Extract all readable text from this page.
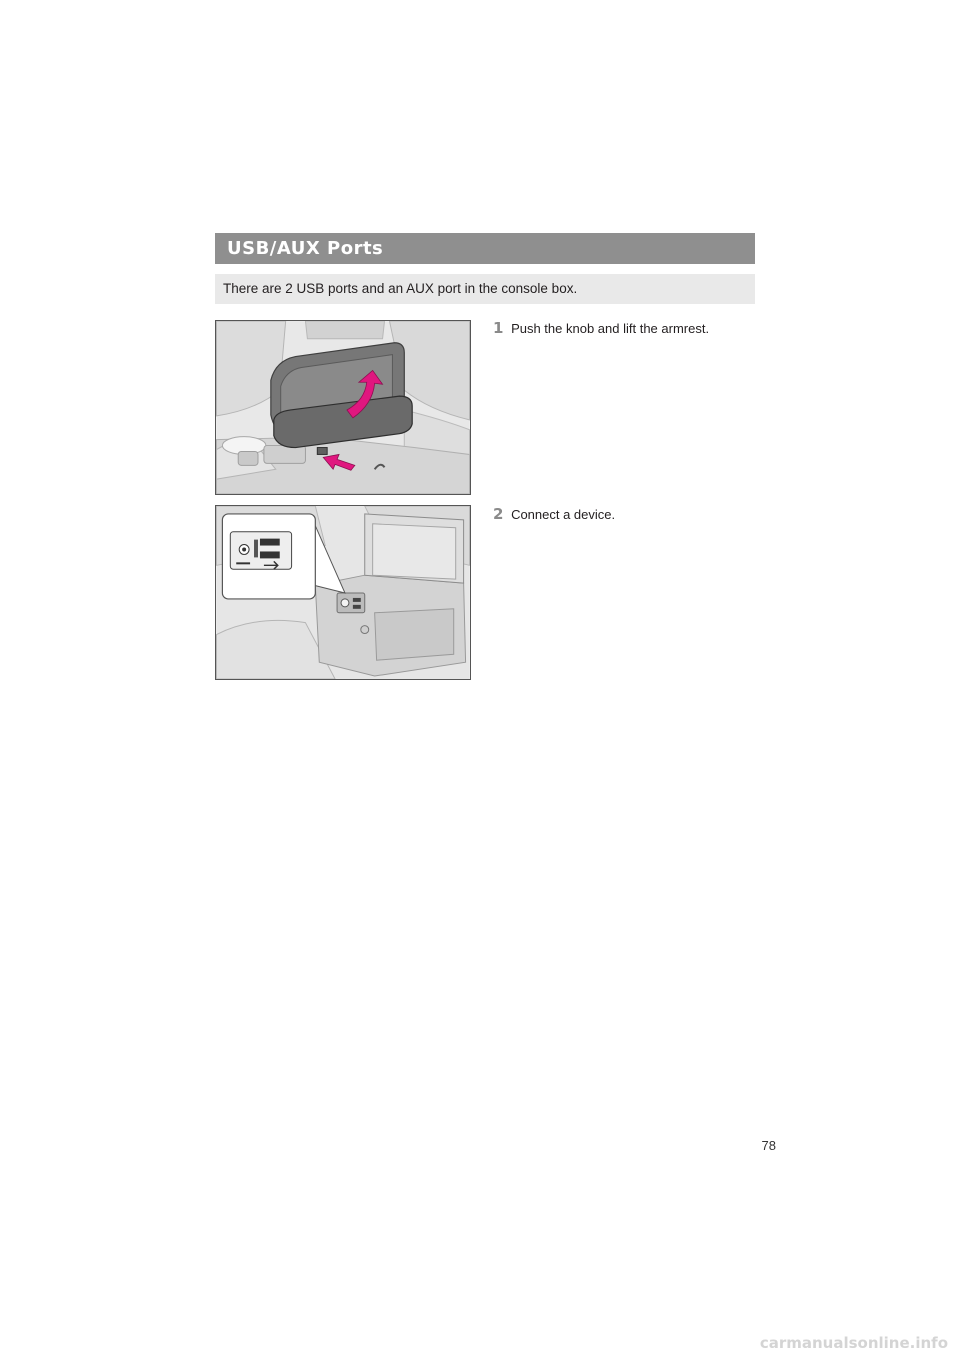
USB/AUX Ports
There are 2 USB ports and an AUX port in the console box.
1 Push the knob and lift the armrest.
2 Connect a device.
78
carmanualsonline.info
